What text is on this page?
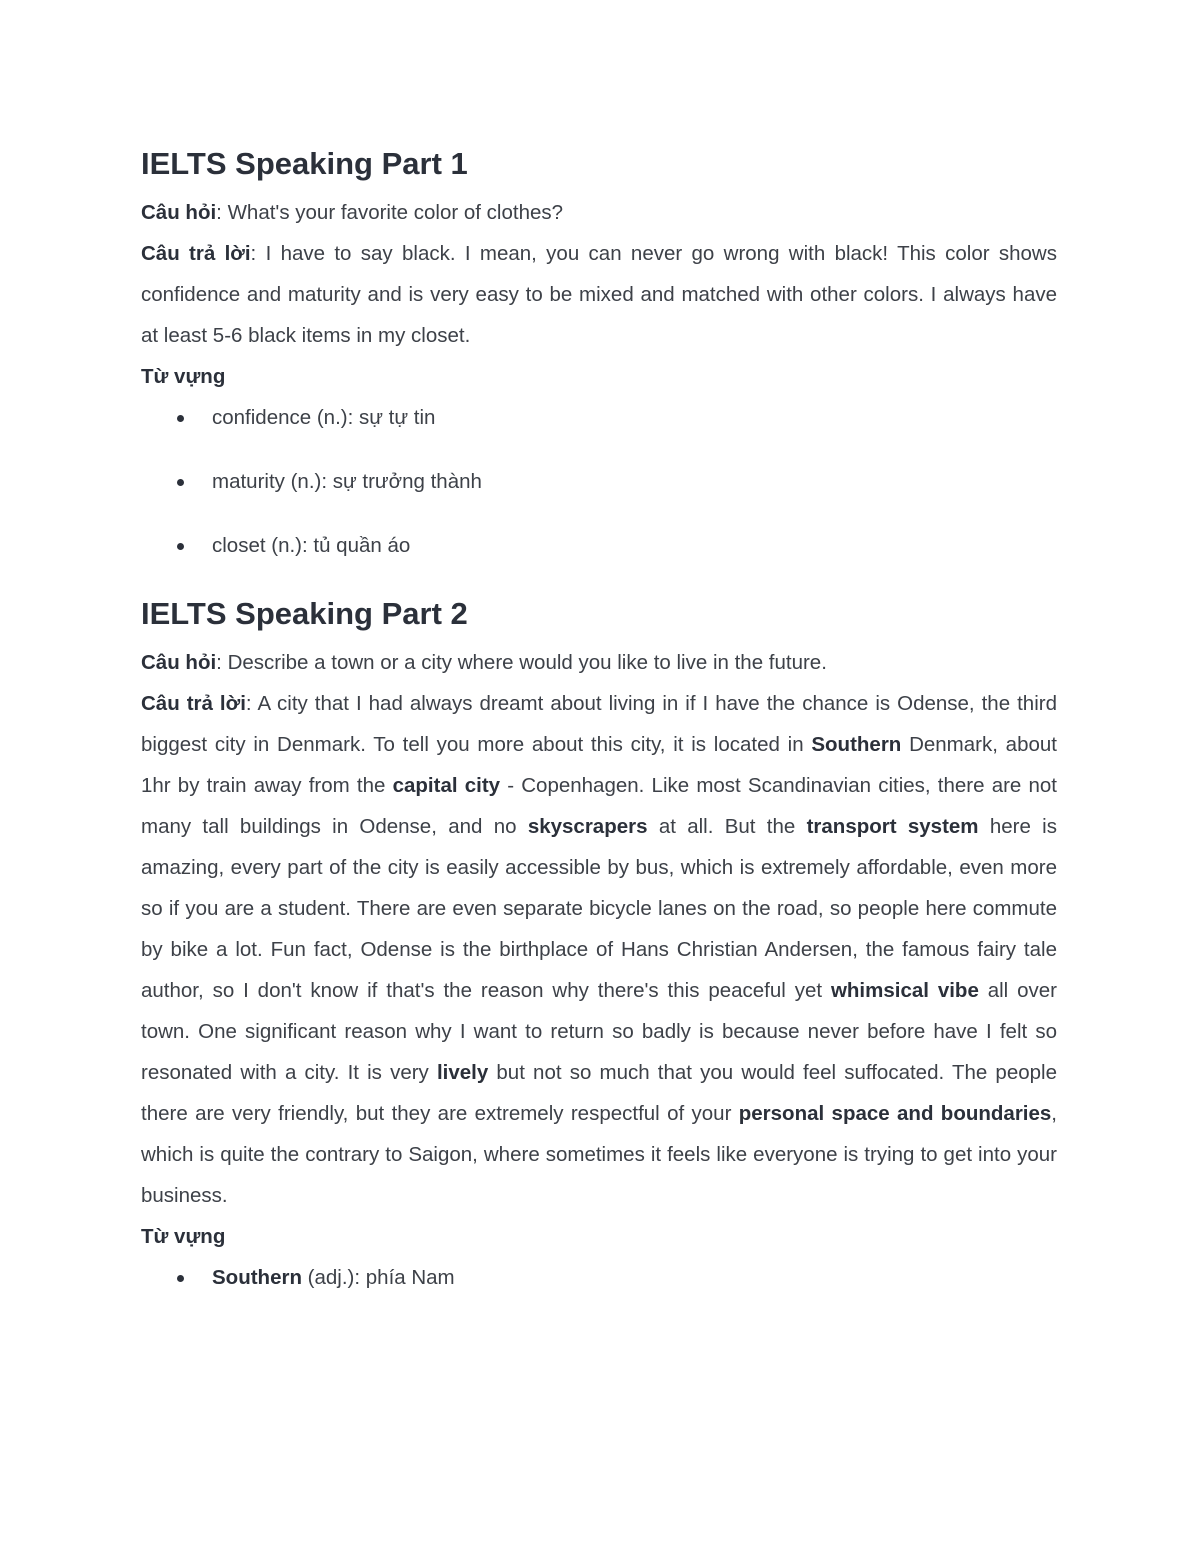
IELTS Speaking Part 1

Câu hỏi: What's your favorite color of clothes?

Câu trả lời: I have to say black. I mean, you can never go wrong with black! This color shows confidence and maturity and is very easy to be mixed and matched with other colors. I always have at least 5-6 black items in my closet.

Từ vựng
confidence (n.): sự tự tin
maturity (n.): sự trưởng thành
closet (n.): tủ quần áo
IELTS Speaking Part 2

Câu hỏi: Describe a town or a city where would you like to live in the future.

Câu trả lời: A city that I had always dreamt about living in if I have the chance is Odense, the third biggest city in Denmark. To tell you more about this city, it is located in Southern Denmark, about 1hr by train away from the capital city - Copenhagen. Like most Scandinavian cities, there are not many tall buildings in Odense, and no skyscrapers at all. But the transport system here is amazing, every part of the city is easily accessible by bus, which is extremely affordable, even more so if you are a student. There are even separate bicycle lanes on the road, so people here commute by bike a lot. Fun fact, Odense is the birthplace of Hans Christian Andersen, the famous fairy tale author, so I don't know if that's the reason why there's this peaceful yet whimsical vibe all over town. One significant reason why I want to return so badly is because never before have I felt so resonated with a city. It is very lively but not so much that you would feel suffocated. The people there are very friendly, but they are extremely respectful of your personal space and boundaries, which is quite the contrary to Saigon, where sometimes it feels like everyone is trying to get into your business.

Từ vựng
Southern (adj.): phía Nam
